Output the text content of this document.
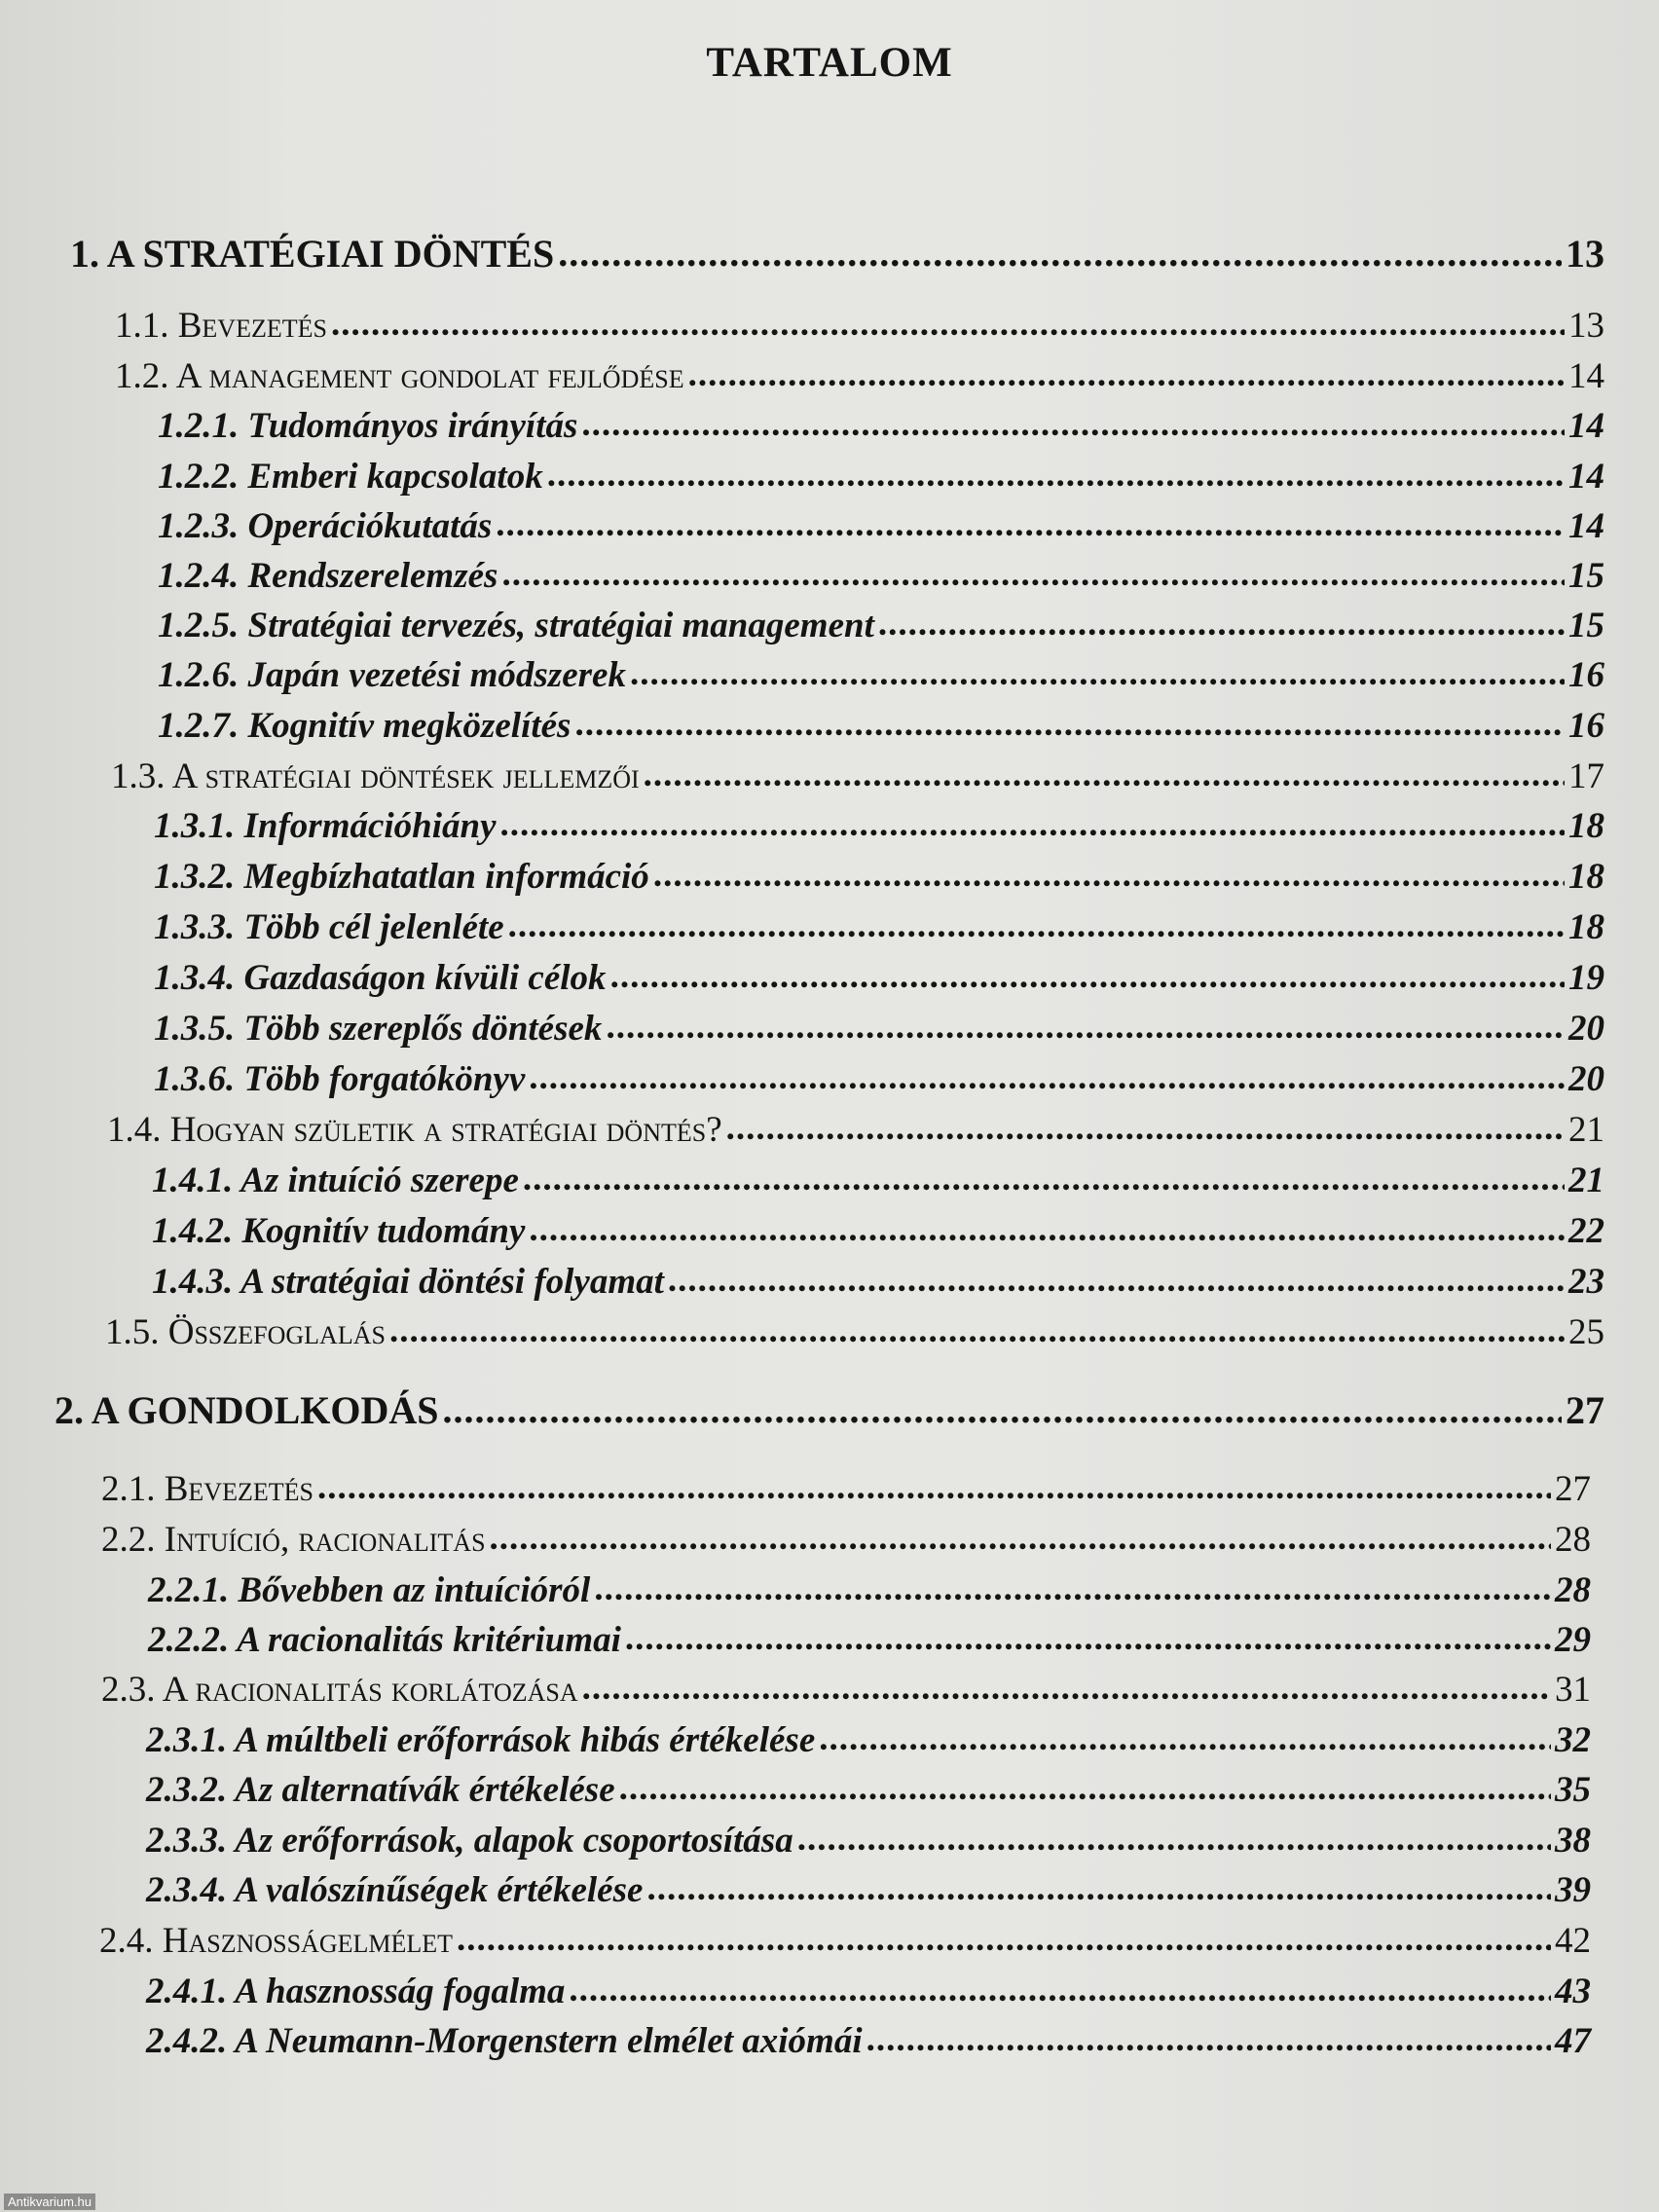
TARTALOM
1. A STRATÉGIAI DÖNTÉS .....	13
1.1. Bevezetés .....	13
1.2. A management gondolat fejlődése .....	14
1.2.1. Tudományos irányítás .....	14
1.2.2. Emberi kapcsolatok .....	14
1.2.3. Operációkutatás .....	14
1.2.4. Rendszerelemzés .....	15
1.2.5. Stratégiai tervezés, stratégiai management .....	15
1.2.6. Japán vezetési módszerek .....	16
1.2.7. Kognitív megközelítés .....	16
1.3. A stratégiai döntések jellemzői .....	17
1.3.1. Információhiány .....	18
1.3.2. Megbízhatatlan információ .....	18
1.3.3. Több cél jelenléte .....	18
1.3.4. Gazdaságon kívüli célok .....	19
1.3.5. Több szereplős döntések .....	20
1.3.6. Több forgatókönyv .....	20
1.4. Hogyan születik a stratégiai döntés? .....	21
1.4.1. Az intuíció szerepe .....	21
1.4.2. Kognitív tudomány .....	22
1.4.3. A stratégiai döntési folyamat .....	23
1.5. Összefoglalás .....	25
2. A GONDOLKODÁS .....	27
2.1. Bevezetés .....	27
2.2. Intuíció, racionalitás .....	28
2.2.1. Bővebben az intuícióról .....	28
2.2.2. A racionalitás kritériumai .....	29
2.3. A racionalitás korlátozása .....	31
2.3.1. A múltbeli erőforrások hibás értékelése .....	32
2.3.2. Az alternatívák értékelése .....	35
2.3.3. Az erőforrások, alapok csoportosítása .....	38
2.3.4. A valószínűségek értékelése .....	39
2.4. Hasznosságelmélet .....	42
2.4.1. A hasznosság fogalma .....	43
2.4.2. A Neumann-Morgenstern elmélet axiómái .....	47
Antikvarium.hu
